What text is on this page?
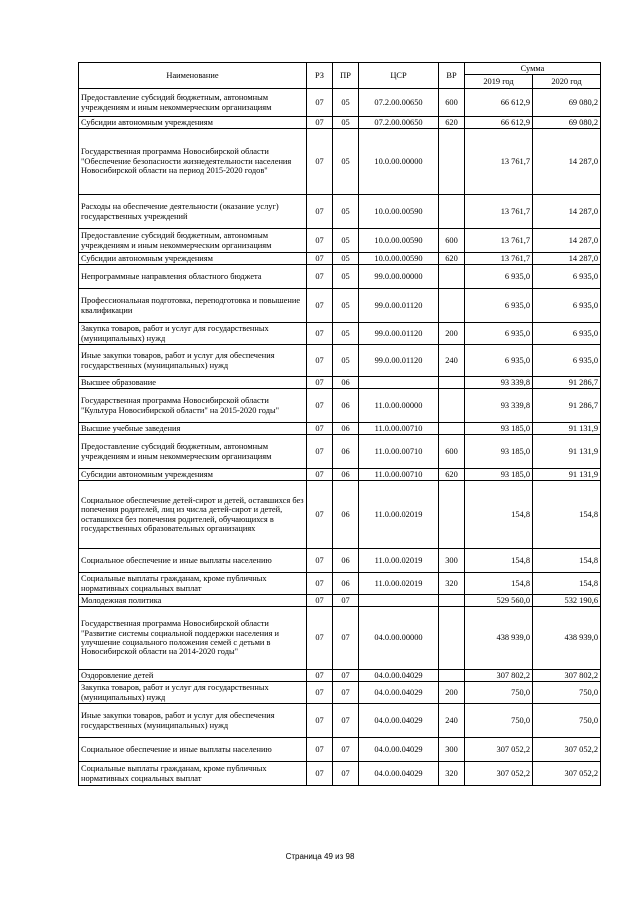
Наименование	РЗ	ПР	ЦСР	ВР	Сумма	
					2019 год	2020 год
Предоставление субсидий бюджетным, автономным учреждениям и иным некоммерческим организациям	07	05	07.2.00.00650	600	66 612,9	69 080,2
Субсидии автономным учреждениям	07	05	07.2.00.00650	620	66 612,9	69 080,2
Государственная программа Новосибирской области "Обеспечение безопасности жизнедеятельности населения Новосибирской области на период 2015-2020 годов"	07	05	10.0.00.00000		13 761,7	14 287,0
Расходы на обеспечение деятельности (оказание услуг) государственных учреждений	07	05	10.0.00.00590		13 761,7	14 287,0
Предоставление субсидий бюджетным, автономным учреждениям и иным некоммерческим организациям	07	05	10.0.00.00590	600	13 761,7	14 287,0
Субсидии автономным учреждениям	07	05	10.0.00.00590	620	13 761,7	14 287,0
Непрограммные направления областного бюджета	07	05	99.0.00.00000		6 935,0	6 935,0
Профессиональная подготовка, переподготовка и повышение квалификации	07	05	99.0.00.01120		6 935,0	6 935,0
Закупка товаров, работ и услуг для государственных (муниципальных) нужд	07	05	99.0.00.01120	200	6 935,0	6 935,0
Иные закупки товаров, работ и услуг для обеспечения государственных (муниципальных) нужд	07	05	99.0.00.01120	240	6 935,0	6 935,0
Высшее образование	07	06			93 339,8	91 286,7
Государственная программа Новосибирской области "Культура Новосибирской области" на 2015-2020 годы"	07	06	11.0.00.00000		93 339,8	91 286,7
Высшие учебные заведения	07	06	11.0.00.00710		93 185,0	91 131,9
Предоставление субсидий бюджетным, автономным учреждениям и иным некоммерческим организациям	07	06	11.0.00.00710	600	93 185,0	91 131,9
Субсидии автономным учреждениям	07	06	11.0.00.00710	620	93 185,0	91 131,9
Социальное обеспечение детей-сирот и детей, оставшихся без попечения родителей, лиц из числа детей-сирот и детей, оставшихся без попечения родителей, обучающихся в государственных образовательных организациях	07	06	11.0.00.02019		154,8	154,8
Социальное обеспечение и иные выплаты населению	07	06	11.0.00.02019	300	154,8	154,8
Социальные выплаты гражданам, кроме публичных нормативных социальных выплат	07	06	11.0.00.02019	320	154,8	154,8
Молодежная политика	07	07			529 560,0	532 190,6
Государственная программа Новосибирской области "Развитие системы социальной поддержки населения и улучшение социального положения семей с детьми в Новосибирской области на 2014-2020 годы"	07	07	04.0.00.00000		438 939,0	438 939,0
Оздоровление детей	07	07	04.0.00.04029		307 802,2	307 802,2
Закупка товаров, работ и услуг для государственных (муниципальных) нужд	07	07	04.0.00.04029	200	750,0	750,0
Иные закупки товаров, работ и услуг для обеспечения государственных (муниципальных) нужд	07	07	04.0.00.04029	240	750,0	750,0
Социальное обеспечение и иные выплаты населению	07	07	04.0.00.04029	300	307 052,2	307 052,2
Социальные выплаты гражданам, кроме публичных нормативных социальных выплат	07	07	04.0.00.04029	320	307 052,2	307 052,2
Страница 49 из 98
